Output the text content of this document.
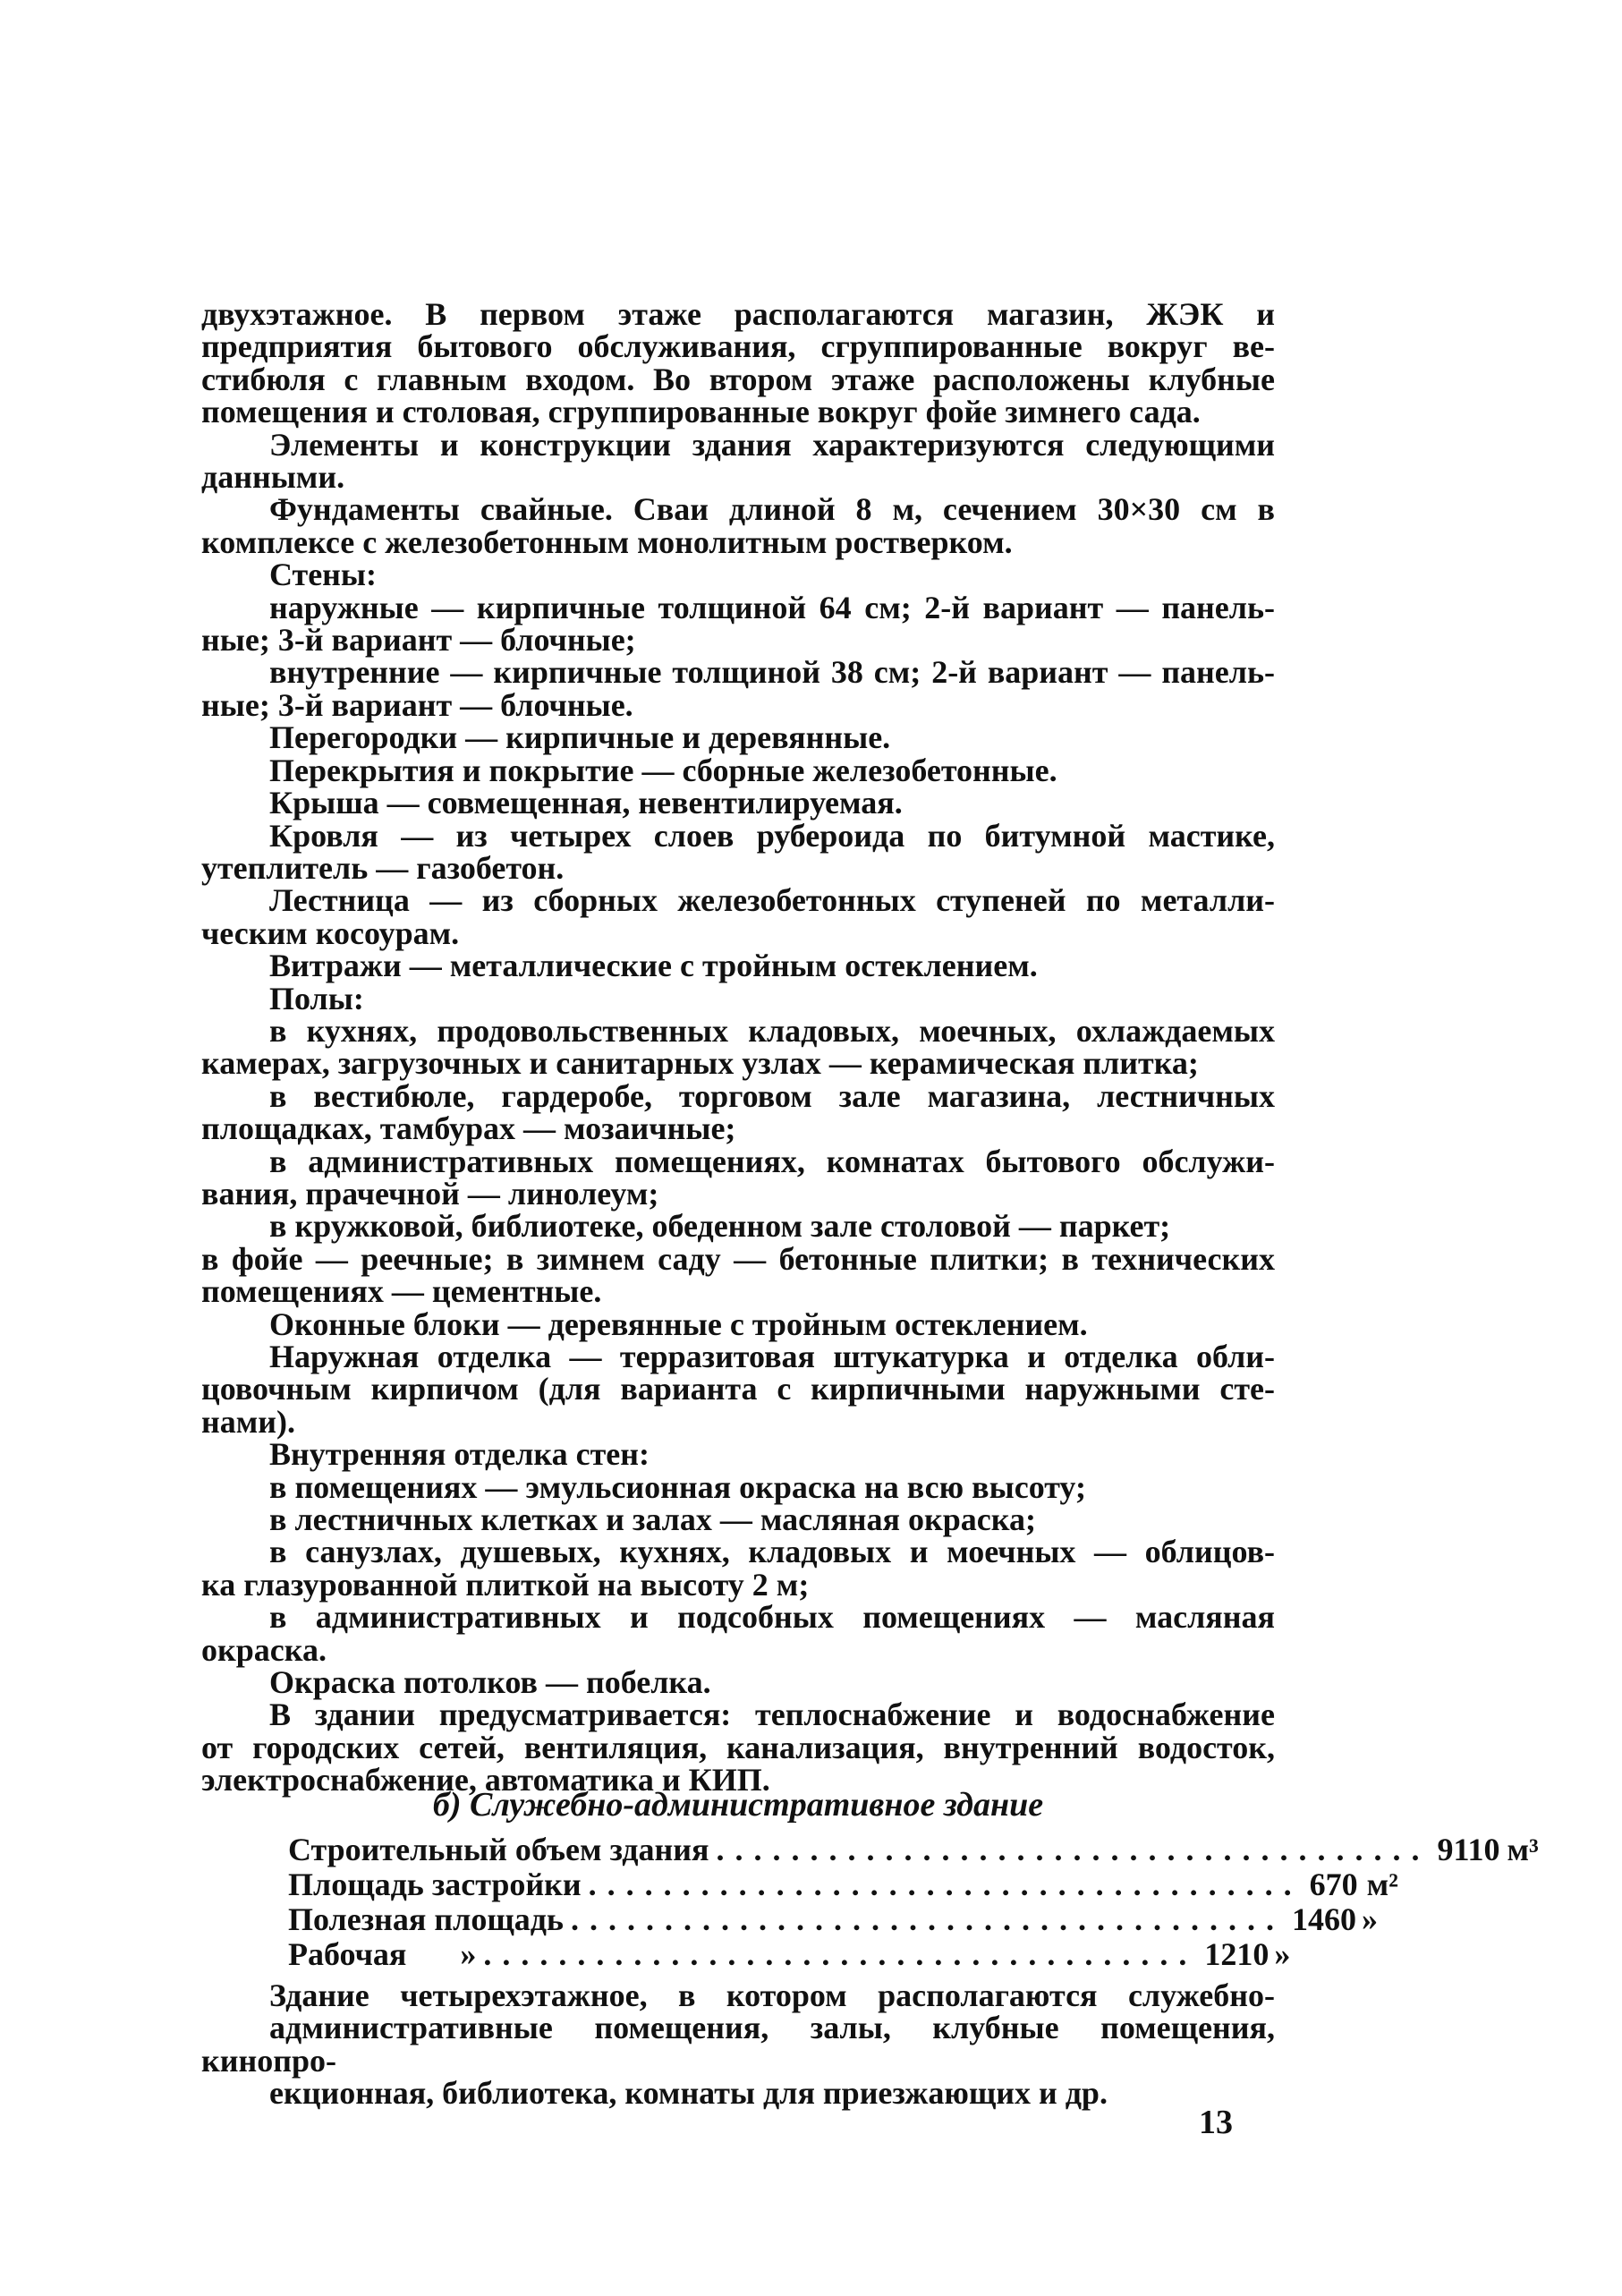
двухэтажное. В первом этаже располагаются магазин, ЖЭК и
предприятия бытового обслуживания, сгруппированные вокруг ве-
стибюля с главным входом. Во втором этаже расположены клубные
помещения и столовая, сгруппированные вокруг фойе зимнего сада.

Элементы и конструкции здания характеризуются следующими

данными.

Фундаменты свайные. Сваи длиной 8 м, сечением 30×30 см в

комплексе с железобетонным монолитным ростверком.

Стены:

наружные — кирпичные толщиной 64 см; 2-й вариант — панель-

ные; 3-й вариант — блочные;

внутренние — кирпичные толщиной 38 см; 2-й вариант — панель-

ные; 3-й вариант — блочные.

Перегородки — кирпичные и деревянные.

Перекрытия и покрытие — сборные железобетонные.

Крыша — совмещенная, невентилируемая.

Кровля — из четырех слоев рубероида по битумной мастике,

утеплитель — газобетон.

Лестница — из сборных железобетонных ступеней по металли-

ческим косоурам.

Витражи — металлические с тройным остеклением.

Полы:

в кухнях, продовольственных кладовых, моечных, охлаждаемых

камерах, загрузочных и санитарных узлах — керамическая плитка;

в вестибюле, гардеробе, торговом зале магазина, лестничных

площадках, тамбурах — мозаичные;

в административных помещениях, комнатах бытового обслужи-

вания, прачечной — линолеум;

в кружковой, библиотеке, обеденном зале столовой — паркет;

в фойе — реечные; в зимнем саду — бетонные плитки; в технических
помещениях — цементные.

Оконные блоки — деревянные с тройным остеклением.

Наружная отделка — терразитовая штукатурка и отделка обли-

цовочным кирпичом (для варианта с кирпичными наружными сте-
нами).

Внутренняя отделка стен:

в помещениях — эмульсионная окраска на всю высоту;

в лестничных клетках и залах — масляная окраска;

в санузлах, душевых, кухнях, кладовых и моечных — облицов-

ка глазурованной плиткой на высоту 2 м;

в административных и подсобных помещениях — масляная

окраска.

Окраска потолков — побелка.

В здании предусматривается: теплоснабжение и водоснабжение

от городских сетей, вентиляция, канализация, внутренний водосток,
электроснабжение, автоматика и КИП.

б) Служебно-административное здание
Строительный объем здания ...................................... 9110 м³
Площадь застройки ...................................... 670 м²
Полезная площадь ...................................... 1460 »
Рабочая	» ...................................... 1210 »

Здание четырехэтажное, в котором располагаются служебно-
административные помещения, залы, клубные помещения, кинопро-
екционная, библиотека, комнаты для приезжающих и др.

13
